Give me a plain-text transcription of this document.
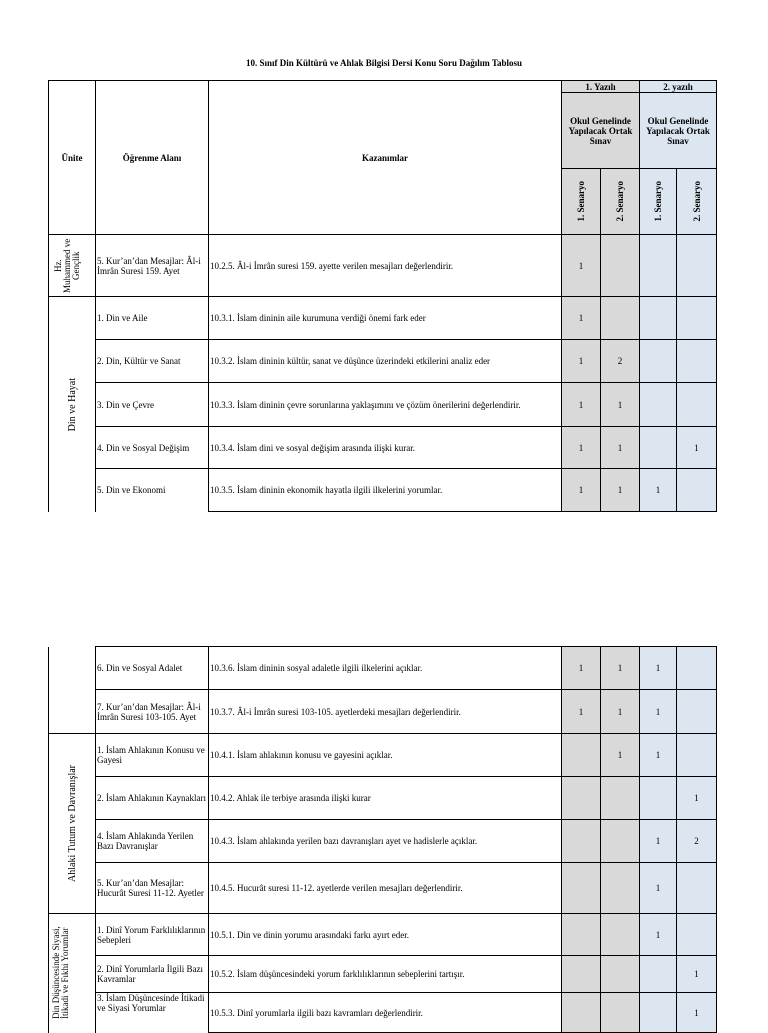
10. Sınıf Din Kültürü ve Ahlak Bilgisi Dersi Konu Soru Dağılım Tablosu
Ünite	Öğrenme Alanı	Kazanımlar	1. Yazılı		2. yazılı	
			Okul Genelinde Yapılacak Ortak Sınav		Okul Genelinde Yapılacak Ortak Sınav	

			1. Senaryo	2. Senaryo	1. Senaryo	2. Senaryo

Hz. Muhammed ve Gençlik	5. Kur’an’dan Mesajlar: Âl-i İmrân Suresi 159. Ayet	10.2.5. Âl-i İmrân suresi 159. ayette verilen mesajları değerlendirir.	1			

Din ve Hayat	1. Din ve Aile	10.3.1. İslam dininin aile kurumuna verdiği önemi fark eder	1			
	2. Din, Kültür ve Sanat	10.3.2. İslam dininin kültür, sanat ve düşünce üzerindeki etkilerini analiz eder	1	2		
	3. Din ve Çevre	10.3.3. İslam dininin çevre sorunlarına yaklaşımını ve çözüm önerilerini değerlendirir.	1	1		
	4. Din ve Sosyal Değişim	10.3.4. İslam dini ve sosyal değişim arasında ilişki kurar.	1	1		1
	5. Din ve Ekonomi	10.3.5. İslam dininin ekonomik hayatla ilgili ilkelerini yorumlar.	1	1	1	
	6. Din ve Sosyal Adalet	10.3.6. İslam dininin sosyal adaletle ilgili ilkelerini açıklar.	1	1	1	
	7. Kur’an’dan Mesajlar: Âl-i İmrân Suresi 103-105. Ayet	10.3.7. Âl-i İmrân suresi 103-105. ayetlerdeki mesajları değerlendirir.	1	1	1	

Ahlaki Tutum ve Davranışlar	1. İslam Ahlakının Konusu ve Gayesi	10.4.1. İslam ahlakının konusu ve gayesini açıklar.		1	1	
	2. İslam Ahlakının Kaynakları	10.4.2. Ahlak ile terbiye arasında ilişki kurar				1
	4. İslam Ahlakında Yerilen Bazı Davranışlar	10.4.3. İslam ahlakında yerilen bazı davranışları ayet ve hadislerle açıklar.			1	2
	5. Kur’an’dan Mesajlar: Hucurât Suresi 11-12. Ayetler	10.4.5. Hucurât suresi 11-12. ayetlerde verilen mesajları değerlendirir.			1	

Din Düşüncesinde Siyasi, İtikadi ve Fıkhi Yorumlar	1. Dinî Yorum Farklılıklarının Sebepleri	10.5.1. Din ve dinin yorumu arasındaki farkı ayırt eder.			1	
	2. Dinî Yorumlarla İlgili Bazı Kavramlar	10.5.2. İslam düşüncesindeki yorum farklılıklarının sebeplerini tartışır.				1
	3. İslam Düşüncesinde İtikadi ve Siyasi Yorumlar	10.5.3. Dinî yorumlarla ilgili bazı kavramları değerlendirir.				1
